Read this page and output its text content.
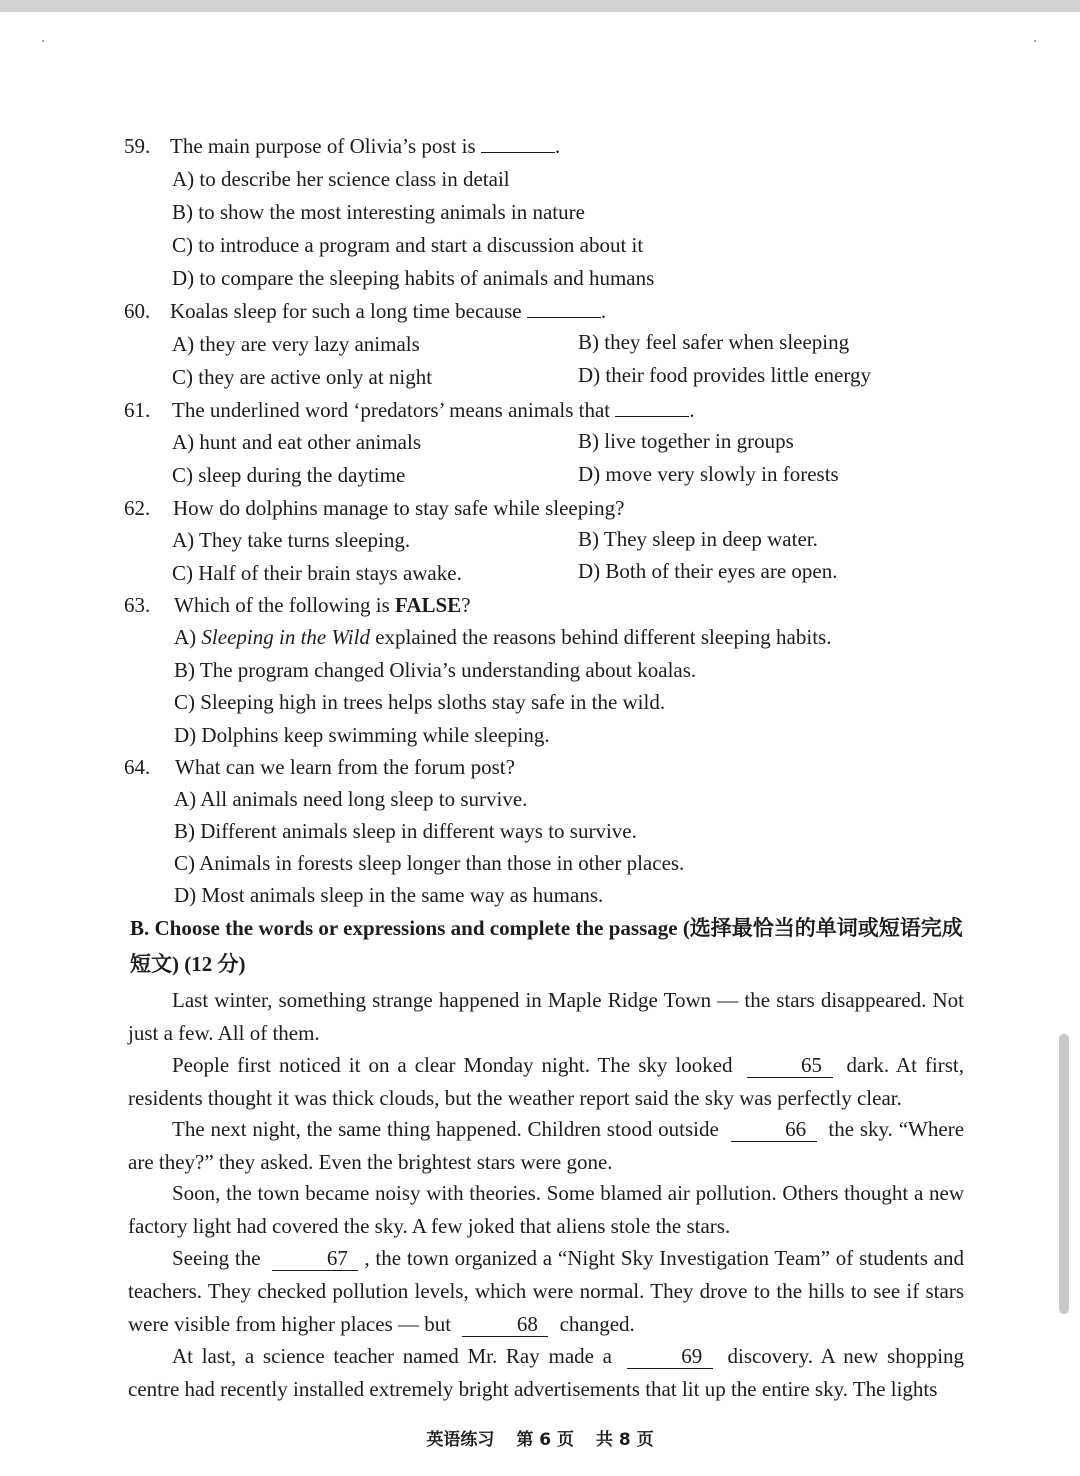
59. The main purpose of Olivia’s post is	.
A) to describe her science class in detail
B) to show the most interesting animals in nature
C) to introduce a program and start a discussion about it
D) to compare the sleeping habits of animals and humans
60. Koalas sleep for such a long time because	.
A) they are very lazy animals	B) they feel safer when sleeping
C) they are active only at night	D) their food provides little energy
61. The underlined word ‘predators’ means animals that	.
A) hunt and eat other animals	B) live together in groups
C) sleep during the daytime	D) move very slowly in forests
62. How do dolphins manage to stay safe while sleeping?
A) They take turns sleeping.	B) They sleep in deep water.
C) Half of their brain stays awake.	D) Both of their eyes are open.
63. Which of the following is FALSE?
A) Sleeping in the Wild explained the reasons behind different sleeping habits.
B) The program changed Olivia’s understanding about koalas.
C) Sleeping high in trees helps sloths stay safe in the wild.
D) Dolphins keep swimming while sleeping.
64. What can we learn from the forum post?
A) All animals need long sleep to survive.
B) Different animals sleep in different ways to survive.
C) Animals in forests sleep longer than those in other places.
D) Most animals sleep in the same way as humans.
B. Choose the words or expressions and complete the passage (选择最恰当的单词或短语完成短文) (12 分)
Last winter, something strange happened in Maple Ridge Town — the stars disappeared. Not just a few. All of them.
People first noticed it on a clear Monday night. The sky looked	65 dark. At first, residents thought it was thick clouds, but the weather report said the sky was perfectly clear.
The next night, the same thing happened. Children stood outside	66 the sky. “Where are they?” they asked. Even the brightest stars were gone.
Soon, the town became noisy with theories. Some blamed air pollution. Others thought a new factory light had covered the sky. A few joked that aliens stole the stars.
Seeing the	67 , the town organized a “Night Sky Investigation Team” of students and teachers. They checked pollution levels, which were normal. They drove to the hills to see if stars were visible from higher places — but	68 changed.
At last, a science teacher named Mr. Ray made a	69 discovery. A new shopping centre had recently installed extremely bright advertisements that lit up the entire sky. The lights
英语练习 第 6 页 共 8 页
